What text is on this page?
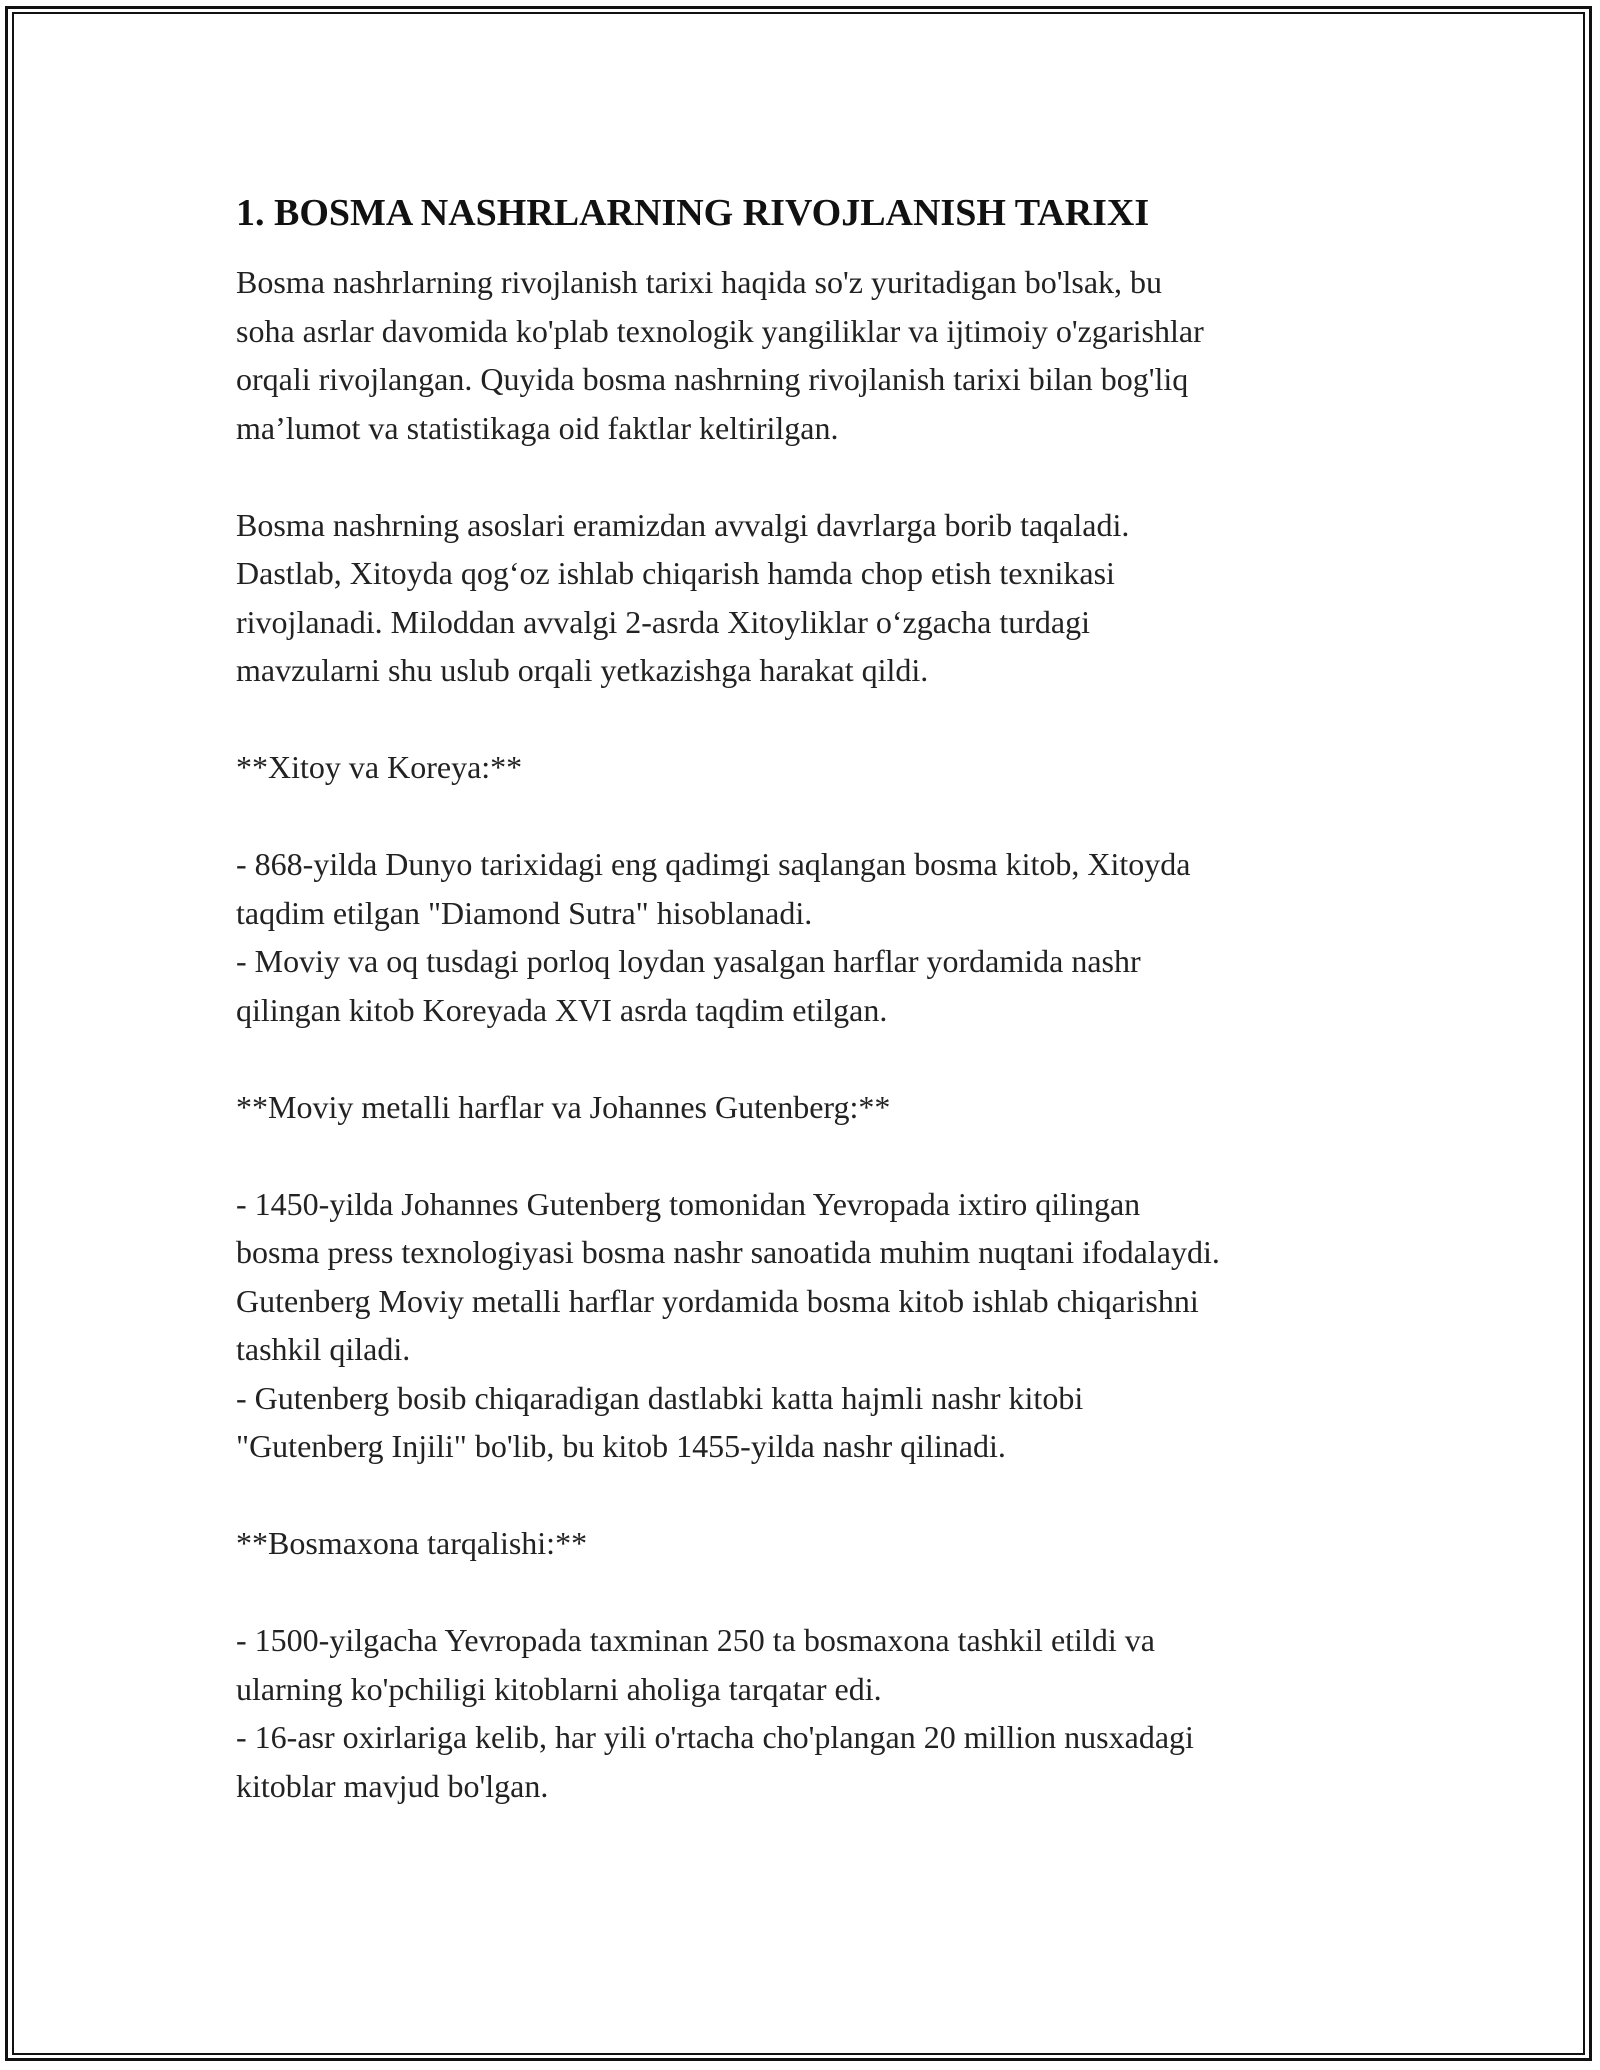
1. BOSMA NASHRLARNING RIVOJLANISH TARIXI

Bosma nashrlarning rivojlanish tarixi haqida so'z yuritadigan bo'lsak, bu
soha asrlar davomida ko'plab texnologik yangiliklar va ijtimoiy o'zgarishlar
orqali rivojlangan. Quyida bosma nashrning rivojlanish tarixi bilan bog'liq
ma’lumot va statistikaga oid faktlar keltirilgan.

Bosma nashrning asoslari eramizdan avvalgi davrlarga borib taqaladi.
Dastlab, Xitoyda qog‘oz ishlab chiqarish hamda chop etish texnikasi
rivojlanadi. Miloddan avvalgi 2-asrda Xitoyliklar o‘zgacha turdagi
mavzularni shu uslub orqali yetkazishga harakat qildi.

**Xitoy va Koreya:**

- 868-yilda Dunyo tarixidagi eng qadimgi saqlangan bosma kitob, Xitoyda
taqdim etilgan "Diamond Sutra" hisoblanadi.
- Moviy va oq tusdagi porloq loydan yasalgan harflar yordamida nashr
qilingan kitob Koreyada XVI asrda taqdim etilgan.

**Moviy metalli harflar va Johannes Gutenberg:**

- 1450-yilda Johannes Gutenberg tomonidan Yevropada ixtiro qilingan
bosma press texnologiyasi bosma nashr sanoatida muhim nuqtani ifodalaydi.
Gutenberg Moviy metalli harflar yordamida bosma kitob ishlab chiqarishni
tashkil qiladi.
- Gutenberg bosib chiqaradigan dastlabki katta hajmli nashr kitobi
"Gutenberg Injili" bo'lib, bu kitob 1455-yilda nashr qilinadi.

**Bosmaxona tarqalishi:**

- 1500-yilgacha Yevropada taxminan 250 ta bosmaxona tashkil etildi va
ularning ko'pchiligi kitoblarni aholiga tarqatar edi.
- 16-asr oxirlariga kelib, har yili o'rtacha cho'plangan 20 million nusxadagi
kitoblar mavjud bo'lgan.
